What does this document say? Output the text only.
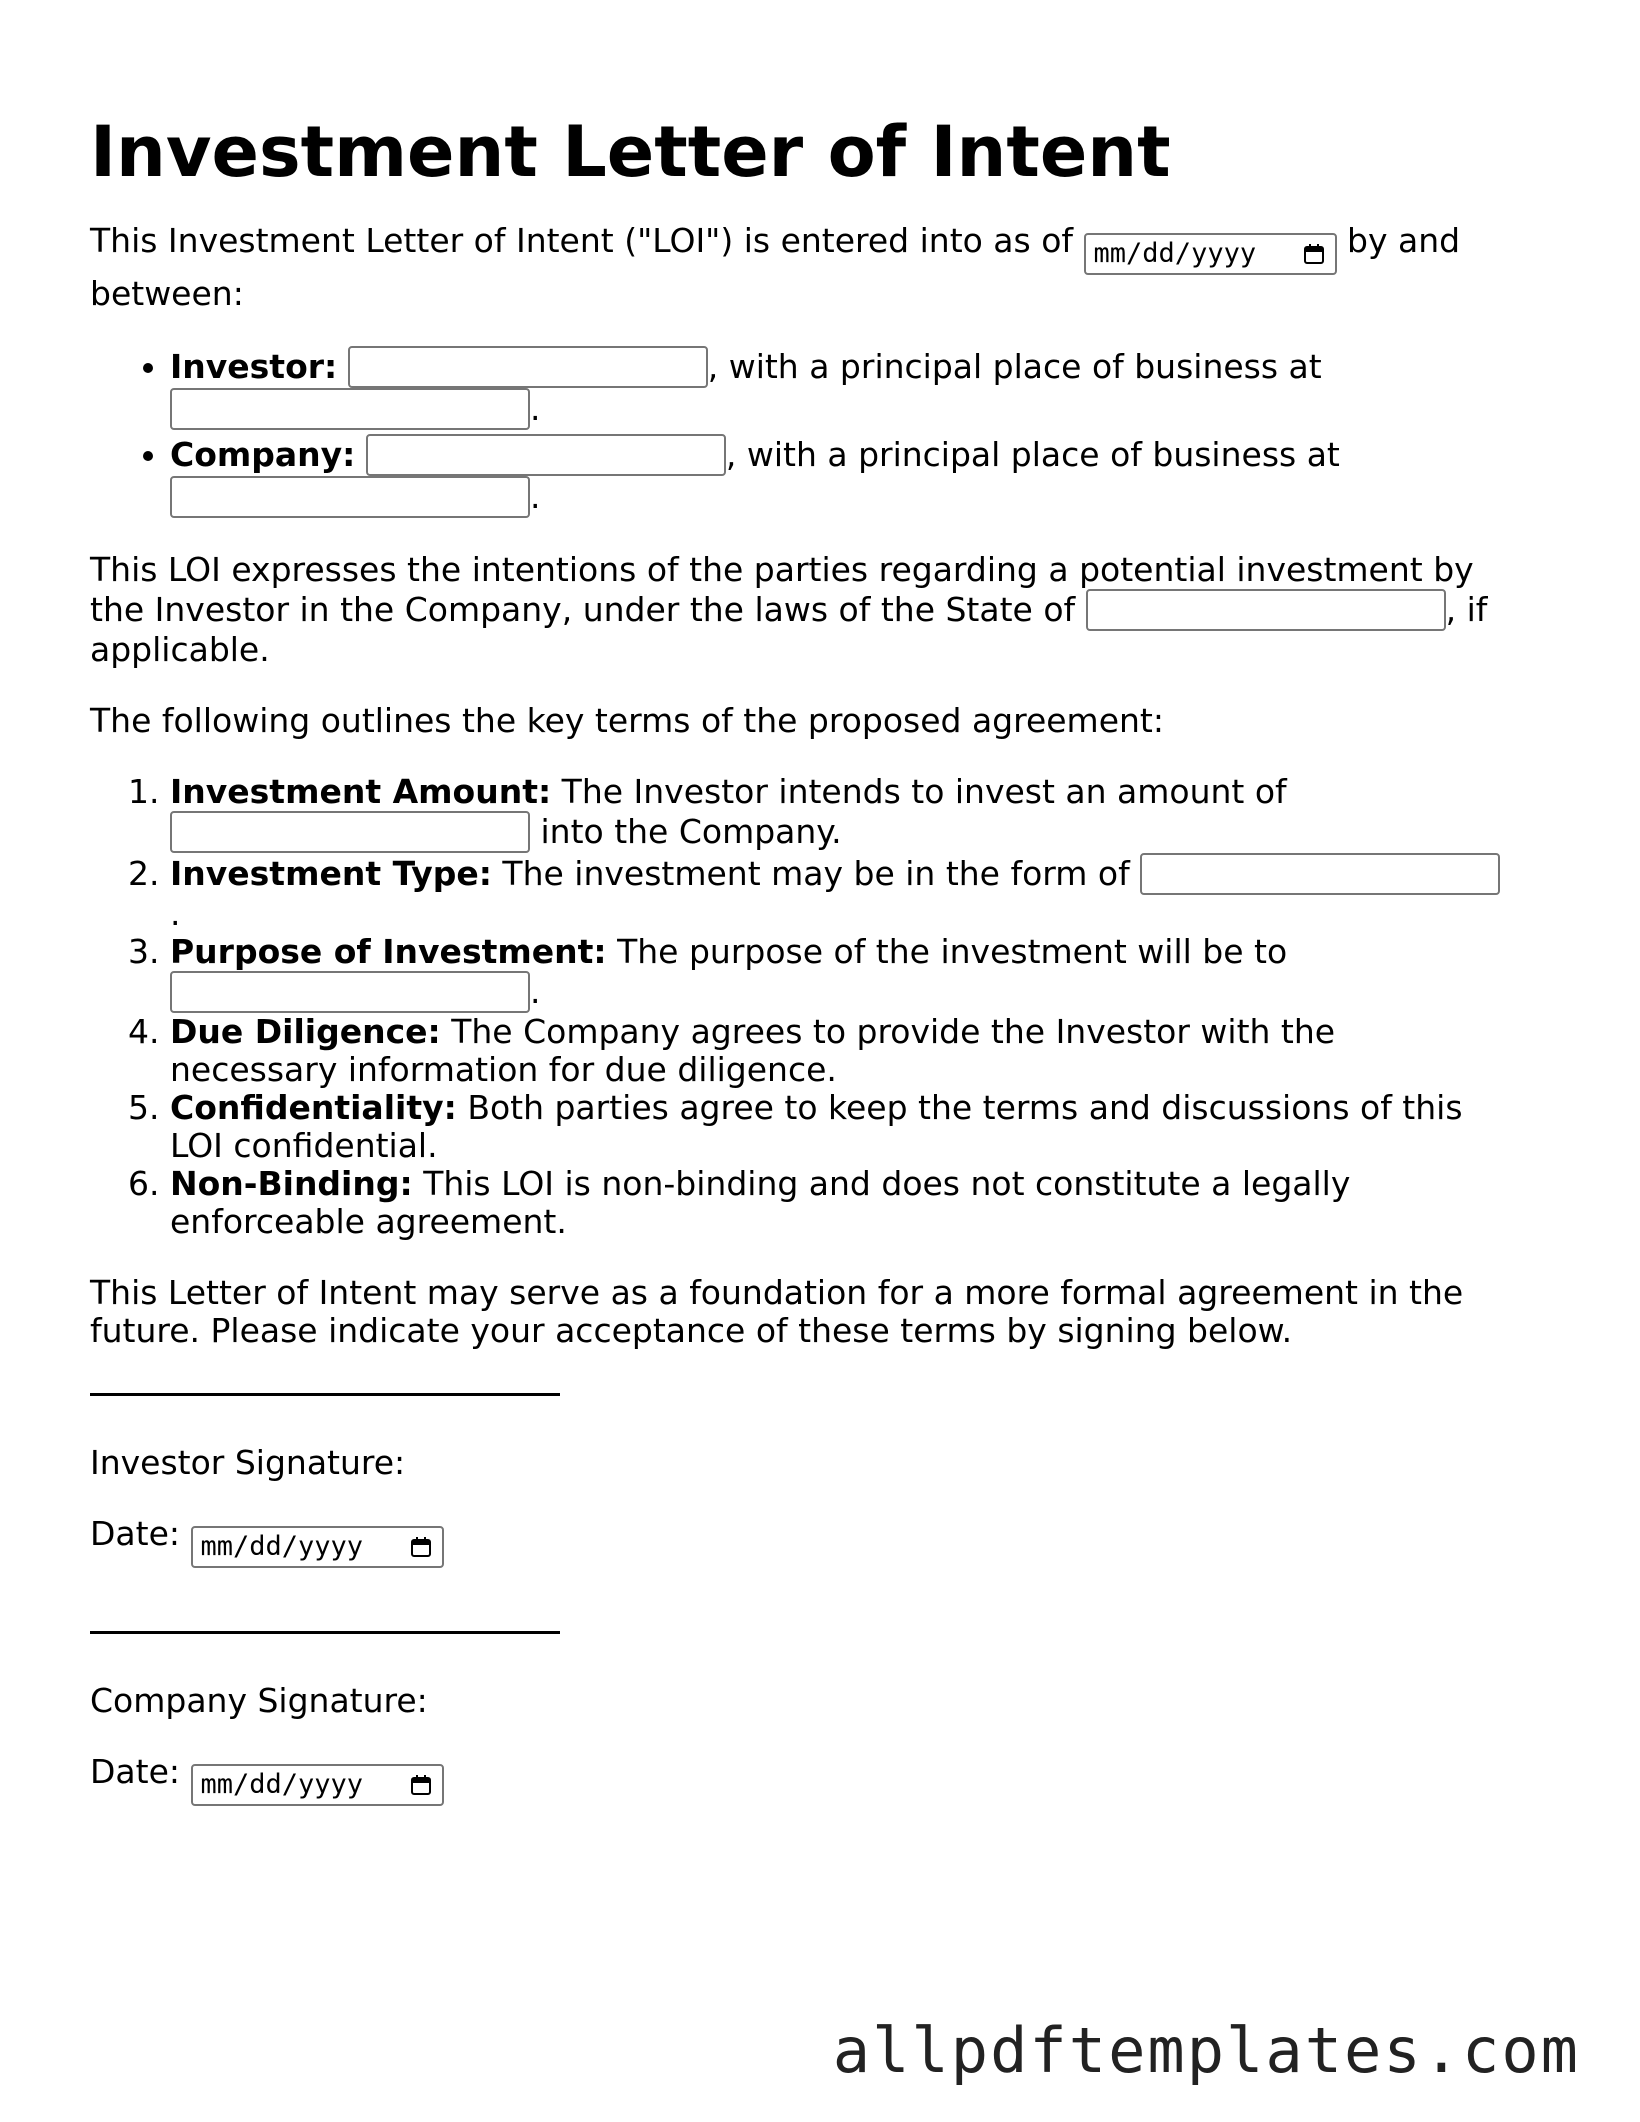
Investment Letter of Intent

This Investment Letter of Intent ("LOI") is entered into as of mm/dd/yyyy	by and between:

• Investor:	, with a principal place of business at .
• Company:	, with a principal place of business at .

This LOI expresses the intentions of the parties regarding a potential investment by the Investor in the Company, under the laws of the State of	, if applicable.

The following outlines the key terms of the proposed agreement:

1. Investment Amount: The Investor intends to invest an amount of  into the Company.
2. Investment Type: The investment may be in the form of .
3. Purpose of Investment: The purpose of the investment will be to .
4. Due Diligence: The Company agrees to provide the Investor with the necessary information for due diligence.
5. Confidentiality: Both parties agree to keep the terms and discussions of this LOI confidential.
6. Non-Binding: This LOI is non-binding and does not constitute a legally enforceable agreement.

This Letter of Intent may serve as a foundation for a more formal agreement in the future. Please indicate your acceptance of these terms by signing below.

Investor Signature:

Date: mm/dd/yyyy

Company Signature:

Date: mm/dd/yyyy

allpdftemplates.com
